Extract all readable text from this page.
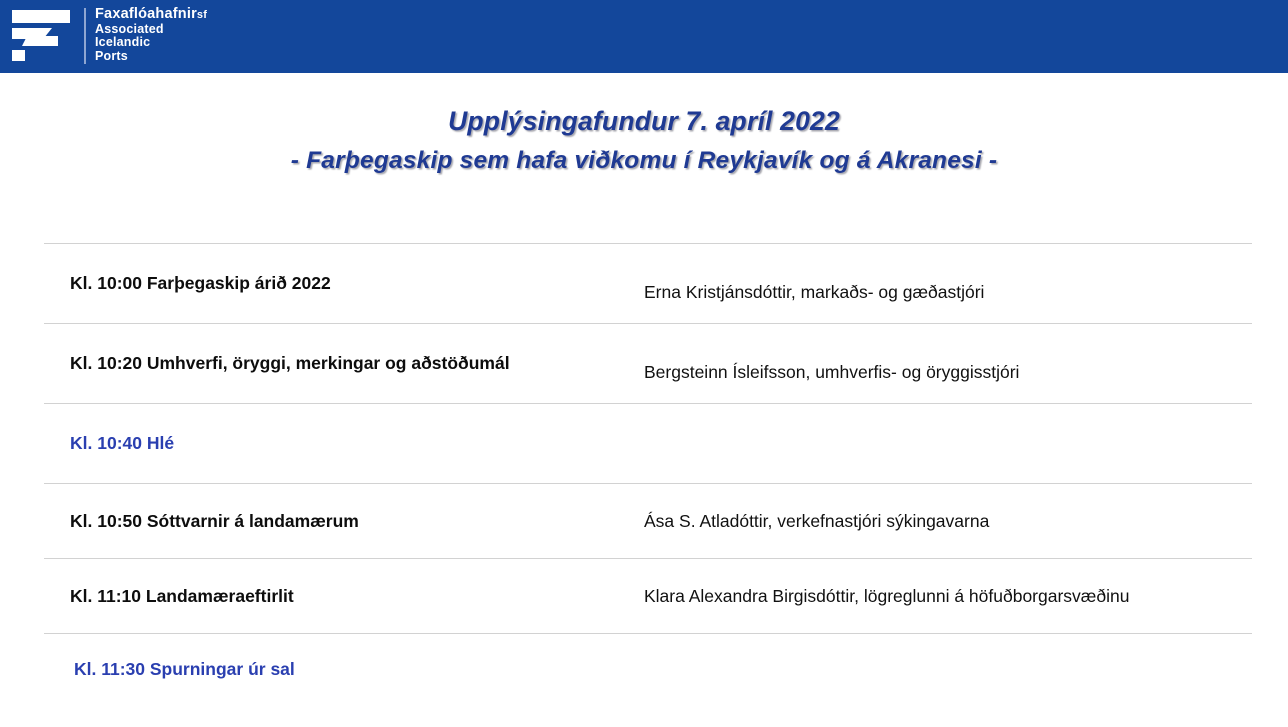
Faxaflóahafnirsf
Associated
Icelandic
Ports
Upplýsingafundur 7. apríl 2022
- Farþegaskip sem hafa viðkomu í Reykjavík og á Akranesi -
Kl. 10:00 Farþegaskip árið 2022	Erna Kristjánsdóttir, markaðs- og gæðastjóri
Kl. 10:20 Umhverfi, öryggi, merkingar og aðstöðumál	Bergsteinn Ísleifsson, umhverfis- og öryggisstjóri
Kl. 10:40 Hlé
Kl. 10:50 Sóttvarnir á landamærum	Ása S. Atladóttir, verkefnastjóri sýkingavarna
Kl. 11:10 Landamæraeftirlit	Klara Alexandra Birgisdóttir, lögreglunni á höfuðborgarsvæðinu
Kl. 11:30 Spurningar úr sal
